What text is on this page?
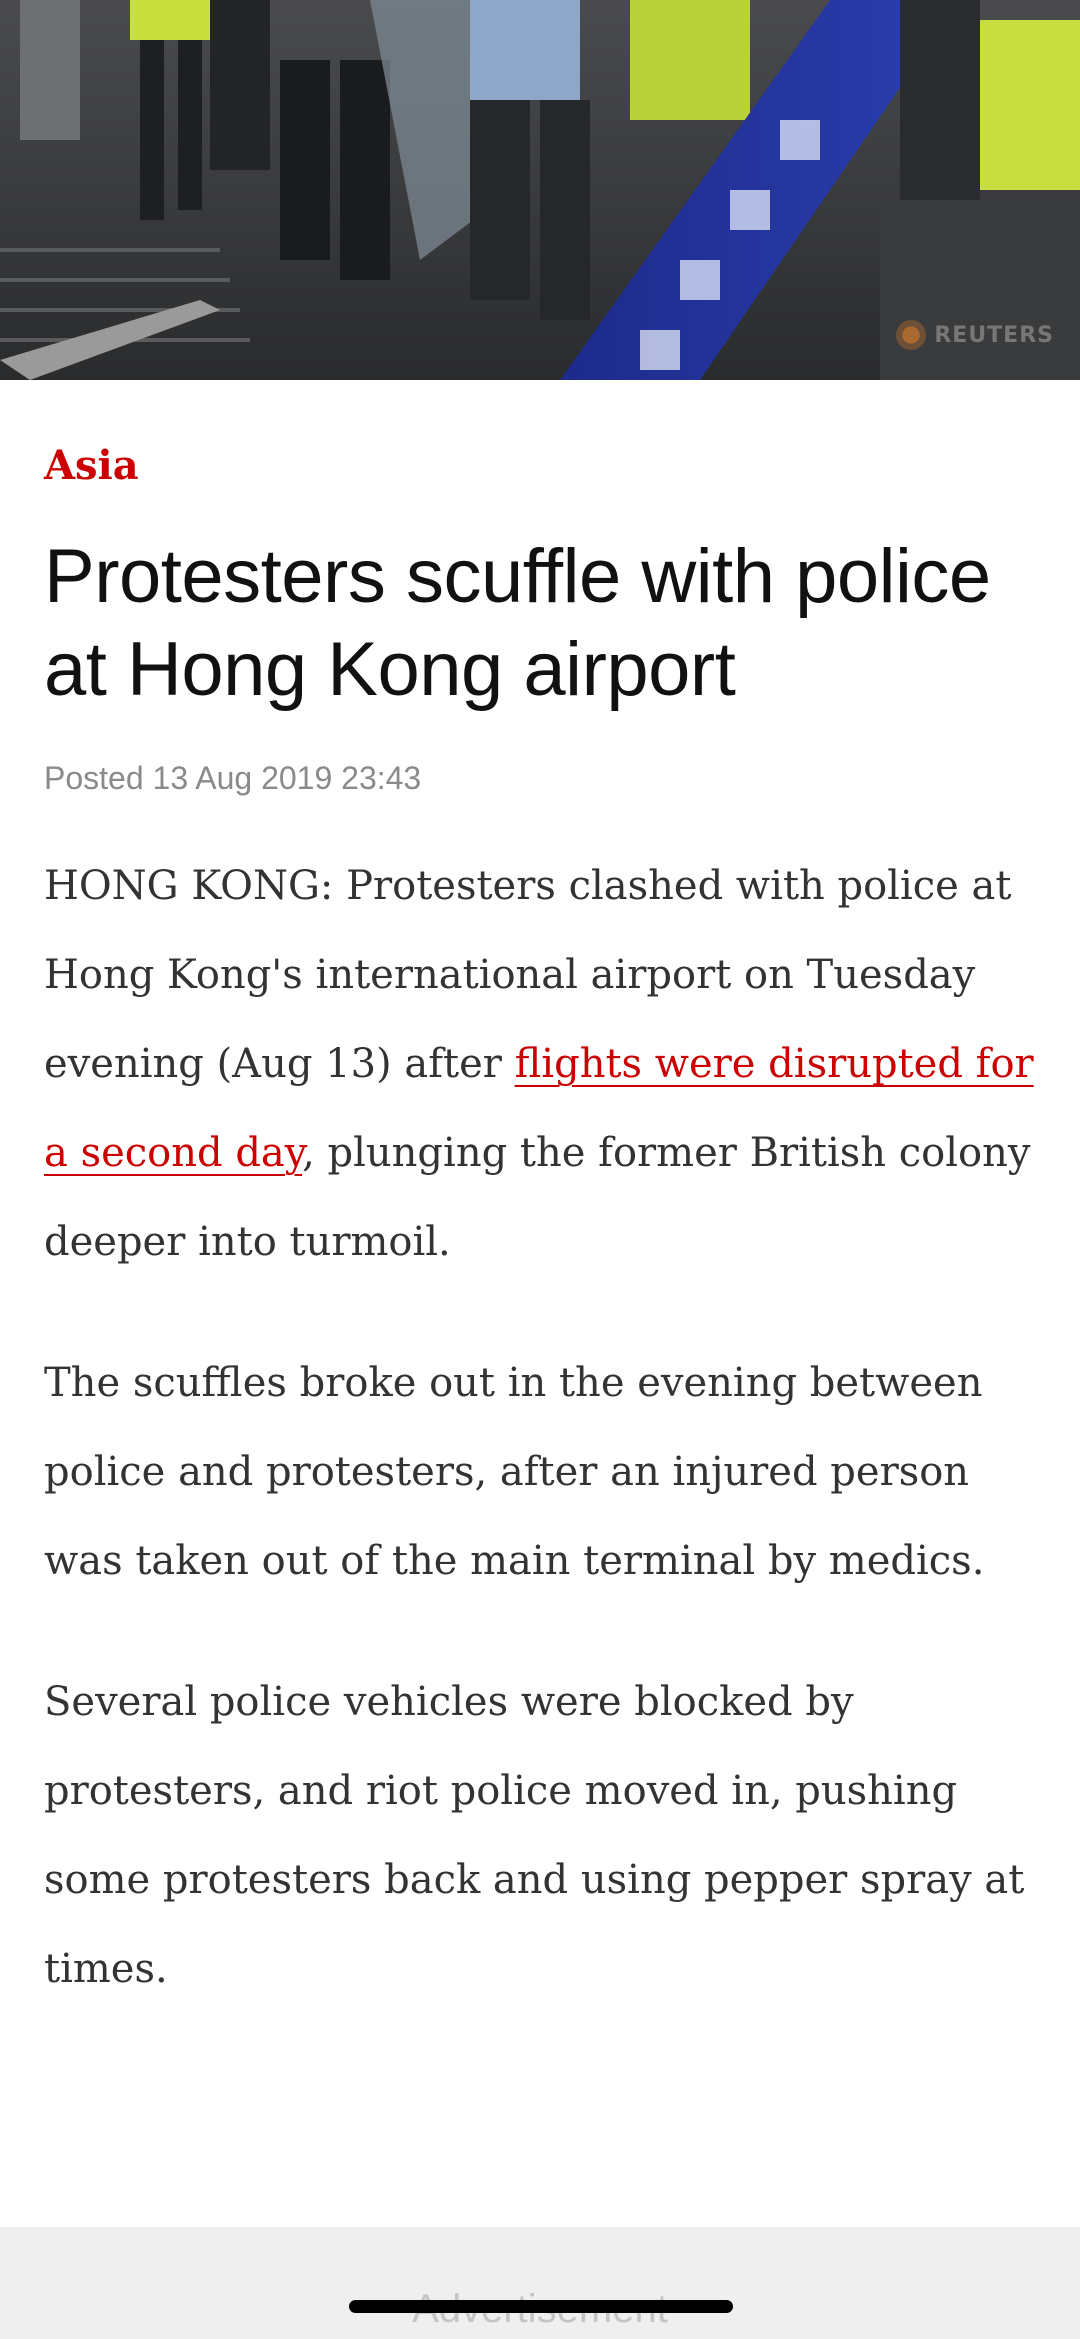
REUTERS
Asia
Protesters scuffle with police at Hong Kong airport
Posted 13 Aug 2019 23:43

HONG KONG: Protesters clashed with police at Hong Kong's international airport on Tuesday evening (Aug 13) after flights were disrupted for a second day, plunging the former British colony deeper into turmoil.

The scuffles broke out in the evening between police and protesters, after an injured person was taken out of the main terminal by medics.

Several police vehicles were blocked by protesters, and riot police moved in, pushing some protesters back and using pepper spray at times.
